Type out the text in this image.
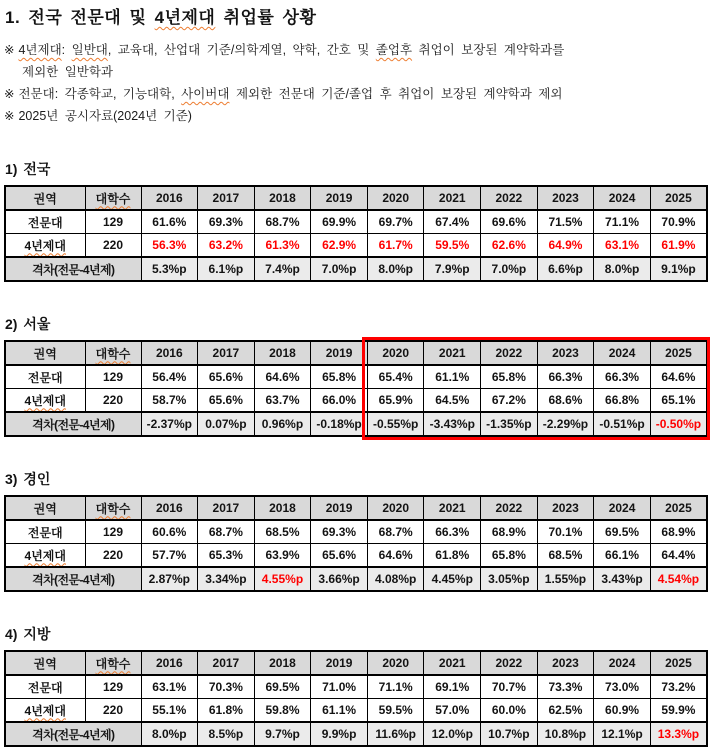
1. 전국 전문대 및 4년제대 취업률 상황
※ 4년제대: 일반대, 교육대, 산업대 기준/의학계열, 약학, 간호 및 졸업후 취업이 보장된 계약학과를
제외한 일반학과
※ 전문대: 각종학교, 기능대학, 사이버대 제외한 전문대 기준/졸업 후 취업이 보장된 계약학과 제외
※ 2025년 공시자료(2024년 기준)
1) 전국
권역	대학수	2016	2017	2018	2019	2020	2021	2022	2023	2024	2025
전문대	129	61.6%	69.3%	68.7%	69.9%	69.7%	67.4%	69.6%	71.5%	71.1%	70.9%
4년제대	220	56.3%	63.2%	61.3%	62.9%	61.7%	59.5%	62.6%	64.9%	63.1%	61.9%
격차(전문-4년제)		5.3%p	6.1%p	7.4%p	7.0%p	8.0%p	7.9%p	7.0%p	6.6%p	8.0%p	9.1%p
2) 서울
권역	대학수	2016	2017	2018	2019	2020	2021	2022	2023	2024	2025
전문대	129	56.4%	65.6%	64.6%	65.8%	65.4%	61.1%	65.8%	66.3%	66.3%	64.6%
4년제대	220	58.7%	65.6%	63.7%	66.0%	65.9%	64.5%	67.2%	68.6%	66.8%	65.1%
격차(전문-4년제)		-2.37%p	0.07%p	0.96%p	-0.18%p	-0.55%p	-3.43%p	-1.35%p	-2.29%p	-0.51%p	-0.50%p
3) 경인
권역	대학수	2016	2017	2018	2019	2020	2021	2022	2023	2024	2025
전문대	129	60.6%	68.7%	68.5%	69.3%	68.7%	66.3%	68.9%	70.1%	69.5%	68.9%
4년제대	220	57.7%	65.3%	63.9%	65.6%	64.6%	61.8%	65.8%	68.5%	66.1%	64.4%
격차(전문-4년제)		2.87%p	3.34%p	4.55%p	3.66%p	4.08%p	4.45%p	3.05%p	1.55%p	3.43%p	4.54%p
4) 지방
권역	대학수	2016	2017	2018	2019	2020	2021	2022	2023	2024	2025
전문대	129	63.1%	70.3%	69.5%	71.0%	71.1%	69.1%	70.7%	73.3%	73.0%	73.2%
4년제대	220	55.1%	61.8%	59.8%	61.1%	59.5%	57.0%	60.0%	62.5%	60.9%	59.9%
격차(전문-4년제)		8.0%p	8.5%p	9.7%p	9.9%p	11.6%p	12.0%p	10.7%p	10.8%p	12.1%p	13.3%p
